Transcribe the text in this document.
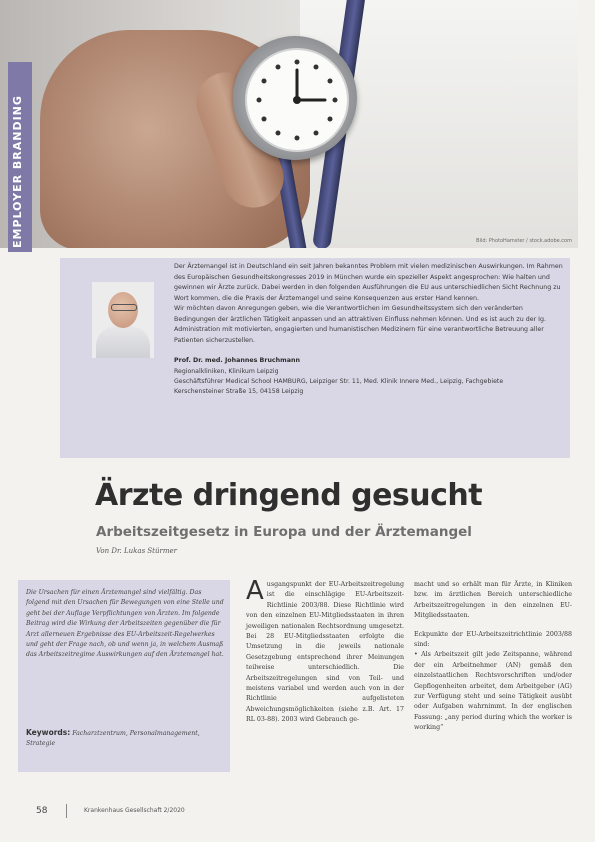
Bild: PhotoHamster / stock.adobe.com
EMPLOYER BRANDING

Der Ärztemangel ist in Deutschland ein seit Jahren bekanntes Problem mit vielen medizinischen Auswirkungen. Im Rahmen des Europäischen Gesundheitskongresses 2019 in München wurde ein spezieller Aspekt angesprochen: Wie halten und gewinnen wir Ärzte zurück. Dabei werden in den folgenden Ausführungen die EU aus unterschiedlichen Sicht Rechnung zu Wort kommen, die die Praxis der Ärztemangel und seine Konsequenzen aus erster Hand kennen.

Wir möchten davon Anregungen geben, wie die Verantwortlichen im Gesundheitssystem sich den veränderten Bedingungen der ärztlichen Tätigkeit anpassen und an attraktiven Einfluss nehmen können. Und es ist auch zu der Ig. Administration mit motivierten, engagierten und humanistischen Medizinern für eine verantwortliche Betreuung aller Patienten sicherzustellen.

Prof. Dr. med. Johannes Bruchmann

Regionalkliniken, Klinikum Leipzig

Geschäftsführer Medical School HAMBURG, Leipziger Str. 11, Med. Klinik Innere Med., Leipzig, Fachgebiete

Kerschensteiner Straße 15, 04158 Leipzig

Ärzte dringend gesucht
Arbeitszeitgesetz in Europa und der Ärztemangel
Von Dr. Lukas Stürmer
Die Ursachen für einen Ärztemangel sind vielfältig. Das folgend mit den Ursachen für Bewegungen von eine Stelle und geht bei der Auflage Verpflichtungen von Ärzten. Im folgende Beitrag wird die Wirkung der Arbeitszeiten gegenüber die für Arzt allerneuen Ergebnisse des EU-Arbeitszeit-Regelwerkes und geht der Frage nach, ob und wenn ja, in welchem Ausmaß das Arbeitszeitregime Auswirkungen auf den Ärztemangel hat.
Keywords: Facharztzentrum, Personalmanagement, Strategie
A usgangspunkt der EU-Arbeitszeitregelung ist die einschlägige EU-Arbeitszeit-Richtlinie 2003/88. Diese Richtlinie wird von den einzelnen EU-Mitgliedsstaaten in ihren jeweiligen nationalen Rechtsordnung umgesetzt. Bei 28 EU-Mitgliedsstaaten erfolgte die Umsetzung in die jeweils nationale Gesetzgebung entsprechend ihrer Meinungen teilweise unterschiedlich. Die Arbeitszeitregelungen sind von Teil- und meistens variabel und werden auch von in der Richtlinie aufgelisteten Abweichungsmöglichkeiten (siehe z.B. Art. 17 RL 03-88). 2003 wird Gebrauch ge-

macht und so erhält man für Ärzte, in Kliniken bzw. im ärztlichen Bereich unterschiedliche Arbeitszeitregelungen in den einzelnen EU-Mitgliedsstaaten.

Eckpunkte der EU-Arbeitszeitrichtlinie 2003/88 sind:

• Als Arbeitszeit gilt jede Zeitspanne, während der ein Arbeitnehmer (AN) gemäß den einzelstaatlichen Rechtsvorschriften und/oder Gepflogenheiten arbeitet, dem Arbeitgeber (AG) zur Verfügung steht und seine Tätigkeit ausübt oder Aufgaben wahrnimmt. In der englischen Fassung: „any period during which the worker is working“

58	Krankenhaus Gesellschaft 2/2020
